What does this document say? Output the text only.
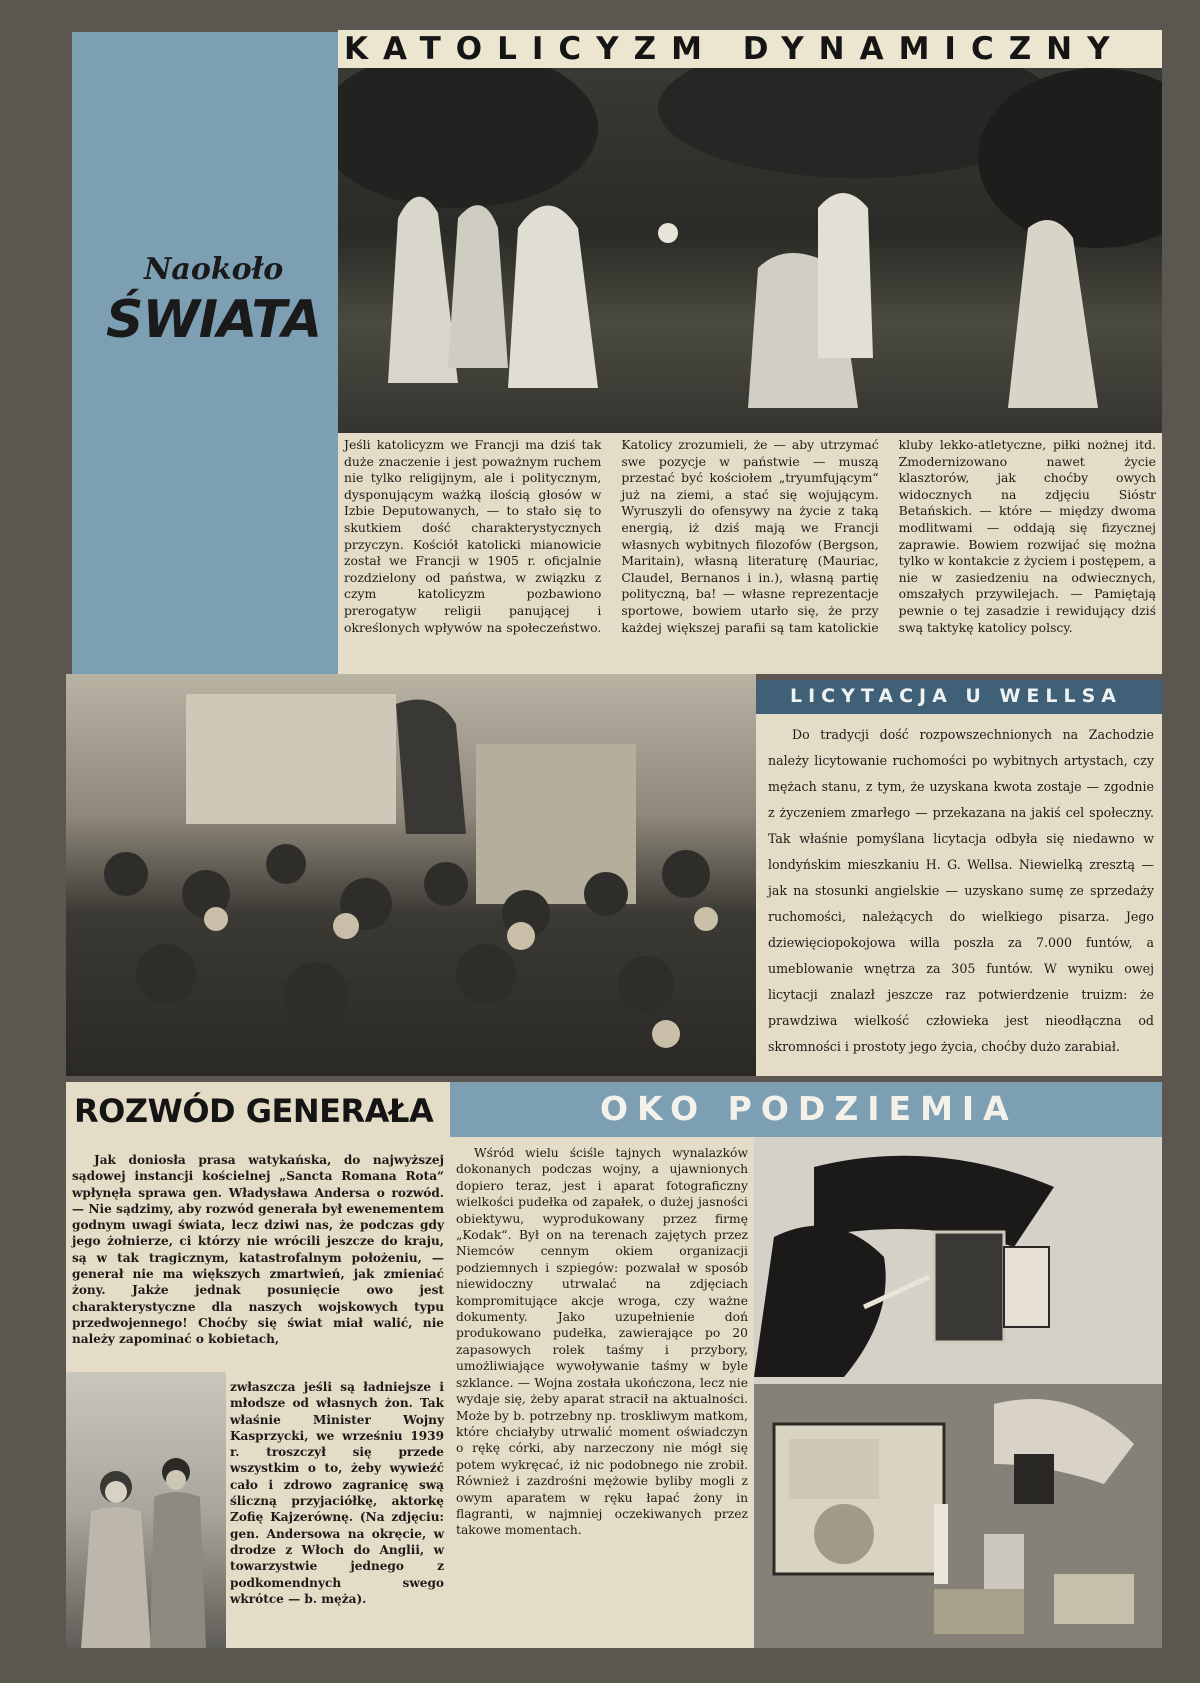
Naokoło
ŚWIATA
KATOLICYZM DYNAMICZNY
Jeśli katolicyzm we Francji ma dziś tak duże znaczenie i jest poważnym ruchem nie tylko religijnym, ale i politycznym, dysponującym ważką ilością głosów w Izbie Deputowanych, — to stało się to skutkiem dość charakterystycznych przyczyn. Kościół katolicki mianowicie został we Francji w 1905 r. oficjalnie rozdzielony od państwa, w związku z czym katolicyzm pozbawiono prerogatyw religii panującej i określonych wpływów na społeczeństwo. Katolicy zrozumieli, że — aby utrzymać swe pozycje w państwie — muszą przestać być kościołem „tryumfującym“ już na ziemi, a stać się wojującym. Wyruszyli do ofensywy na życie z taką energią, iż dziś mają we Francji własnych wybitnych filozofów (Bergson, Maritain), własną literaturę (Mauriac, Claudel, Bernanos i in.), własną partię polityczną, ba! — własne reprezentacje sportowe, bowiem utarło się, że przy każdej większej parafii są tam katolickie kluby lekko-atletyczne, piłki nożnej itd. Zmodernizowano nawet życie klasztorów, jak choćby owych widocznych na zdjęciu Sióstr Betańskich. — które — między dwoma modlitwami — oddają się fizycznej zaprawie. Bowiem rozwijać się można tylko w kontakcie z życiem i postępem, a nie w zasiedzeniu na odwiecznych, omszałych przywilejach. — Pamiętają pewnie o tej zasadzie i rewidujący dziś swą taktykę katolicy polscy.
LICYTACJA U WELLSA
Do tradycji dość rozpowszechnionych na Zachodzie należy licytowanie ruchomości po wybitnych artystach, czy mężach stanu, z tym, że uzyskana kwota zostaje — zgodnie z życzeniem zmarłego — przekazana na jakiś cel społeczny. Tak właśnie pomyślana licytacja odbyła się niedawno w londyńskim mieszkaniu H. G. Wellsa. Niewielką zresztą — jak na stosunki angielskie — uzyskano sumę ze sprzedaży ruchomości, należących do wielkiego pisarza. Jego dziewięciopokojowa willa poszła za 7.000 funtów, a umeblowanie wnętrza za 305 funtów. W wyniku owej licytacji znalazł jeszcze raz potwierdzenie truizm: że prawdziwa wielkość człowieka jest nieodłączna od skromności i prostoty jego życia, choćby dużo zarabiał.
ROZWÓD GENERAŁA
Jak doniosła prasa watykańska, do najwyższej sądowej instancji kościelnej „Sancta Romana Rota“ wpłynęła sprawa gen. Władysława Andersa o rozwód. — Nie sądzimy, aby rozwód generała był ewenementem godnym uwagi świata, lecz dziwi nas, że podczas gdy jego żołnierze, ci którzy nie wrócili jeszcze do kraju, są w tak tragicznym, katastrofalnym położeniu, — generał nie ma większych zmartwień, jak zmieniać żony. Jakże jednak posunięcie owo jest charakterystyczne dla naszych wojskowych typu przedwojennego! Choćby się świat miał walić, nie należy zapominać o kobietach,
zwłaszcza jeśli są ładniejsze i młodsze od własnych żon. Tak właśnie Minister Wojny Kasprzycki, we wrześniu 1939 r. troszczył się przede wszystkim o to, żeby wywieźć cało i zdrowo zagranicę swą śliczną przyjaciółkę, aktorkę Zofię Kajzerównę. (Na zdjęciu: gen. Andersowa na okręcie, w drodze z Włoch do Anglii, w towarzystwie jednego z podkomendnych swego wkrótce — b. męża).
OKO PODZIEMIA
Wśród wielu ściśle tajnych wynalazków dokonanych podczas wojny, a ujawnionych dopiero teraz, jest i aparat fotograficzny wielkości pudełka od zapałek, o dużej jasności obiektywu, wyprodukowany przez firmę „Kodak“. Był on na terenach zajętych przez Niemców cennym okiem organizacji podziemnych i szpiegów: pozwalał w sposób niewidoczny utrwalać na zdjęciach kompromitujące akcje wroga, czy ważne dokumenty. Jako uzupełnienie doń produkowano pudełka, zawierające po 20 zapasowych rolek taśmy i przybory, umożliwiające wywoływanie taśmy w byle szklance. — Wojna została ukończona, lecz nie wydaje się, żeby aparat stracił na aktualności. Może by b. potrzebny np. troskliwym matkom, które chciałyby utrwalić moment oświadczyn o rękę córki, aby narzeczony nie mógł się potem wykręcać, iż nic podobnego nie zrobił. Również i zazdrośni mężowie byliby mogli z owym aparatem w ręku łapać żony in flagranti, w najmniej oczekiwanych przez takowe momentach.
